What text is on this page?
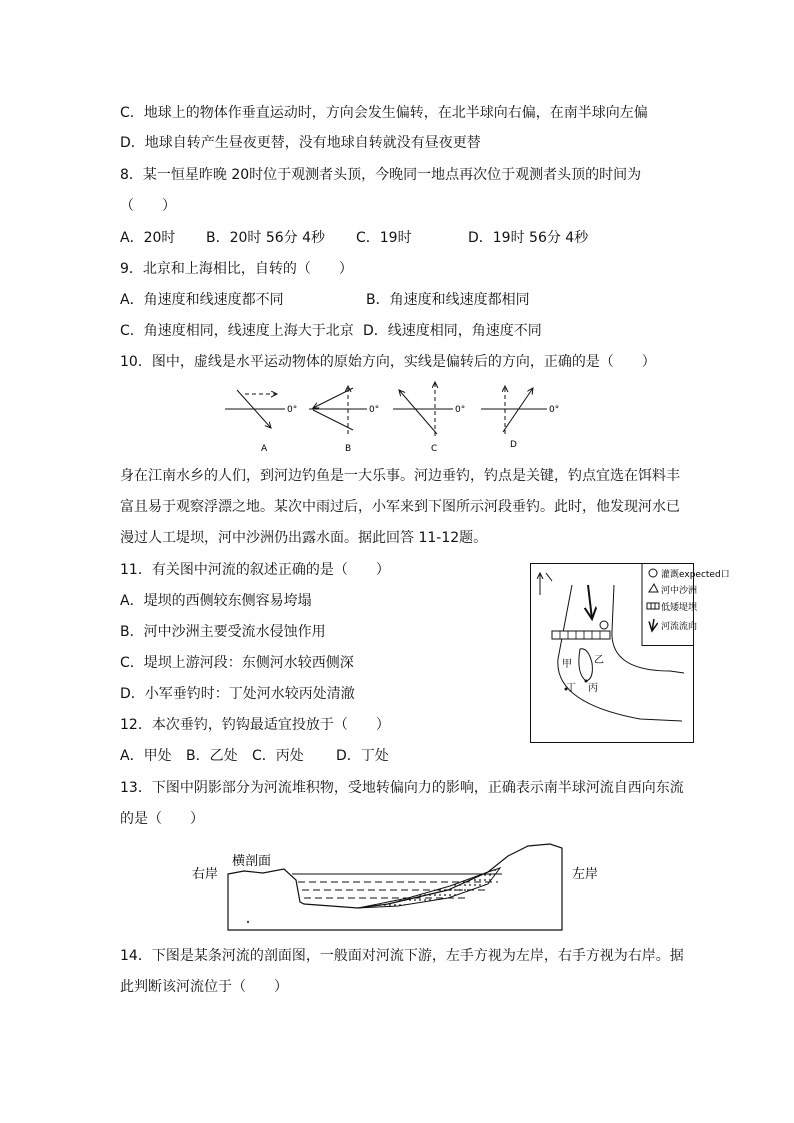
C．地球上的物体作垂直运动时，方向会发生偏转，在北半球向右偏，在南半球向左偏
D．地球自转产生昼夜更替，没有地球自转就没有昼夜更替
8．某一恒星昨晚 20时位于观测者头顶，今晚同一地点再次位于观测者头顶的时间为
（　　）
A．20时 B．20时 56分 4秒 C．19时	D．19时 56分 4秒
9．北京和上海相比，自转的（　　）
A．角速度和线速度都不同	B．角速度和线速度都相同
C．角速度相同，线速度上海大于北京 D．线速度相同，角速度不同
10．图中，虚线是水平运动物体的原始方向，实线是偏转后的方向，正确的是（　　）
0°
A
0°
B
0°
C
0°
D
身在江南水乡的人们，到河边钓鱼是一大乐事。河边垂钓，钓点是关键，钓点宜选在饵料丰
富且易于观察浮漂之地。某次中雨过后，小军来到下图所示河段垂钓。此时，他发现河水已
漫过人工堤坝，河中沙洲仍出露水面。据此回答 11-12题。
11．有关图中河流的叙述正确的是（　　）
A．堤坝的西侧较东侧容易垮塌
B．河中沙洲主要受流水侵蚀作用
C．堤坝上游河段：东侧河水较西侧深
D．小军垂钓时：丁处河水较丙处清澈
12．本次垂钓，钓钩最适宜投放于（　　）
A．甲处 B．乙处 C．丙处 D．丁处
灌溉expected口
河中沙洲
低矮堤坝
河流流向
甲 乙
丙
丁
13．下图中阴影部分为河流堆积物，受地转偏向力的影响，正确表示南半球河流自西向东流
的是（　　）
右岸
横剖面
左岸
14．下图是某条河流的剖面图，一般面对河流下游，左手方视为左岸，右手方视为右岸。据
此判断该河流位于（　　）
